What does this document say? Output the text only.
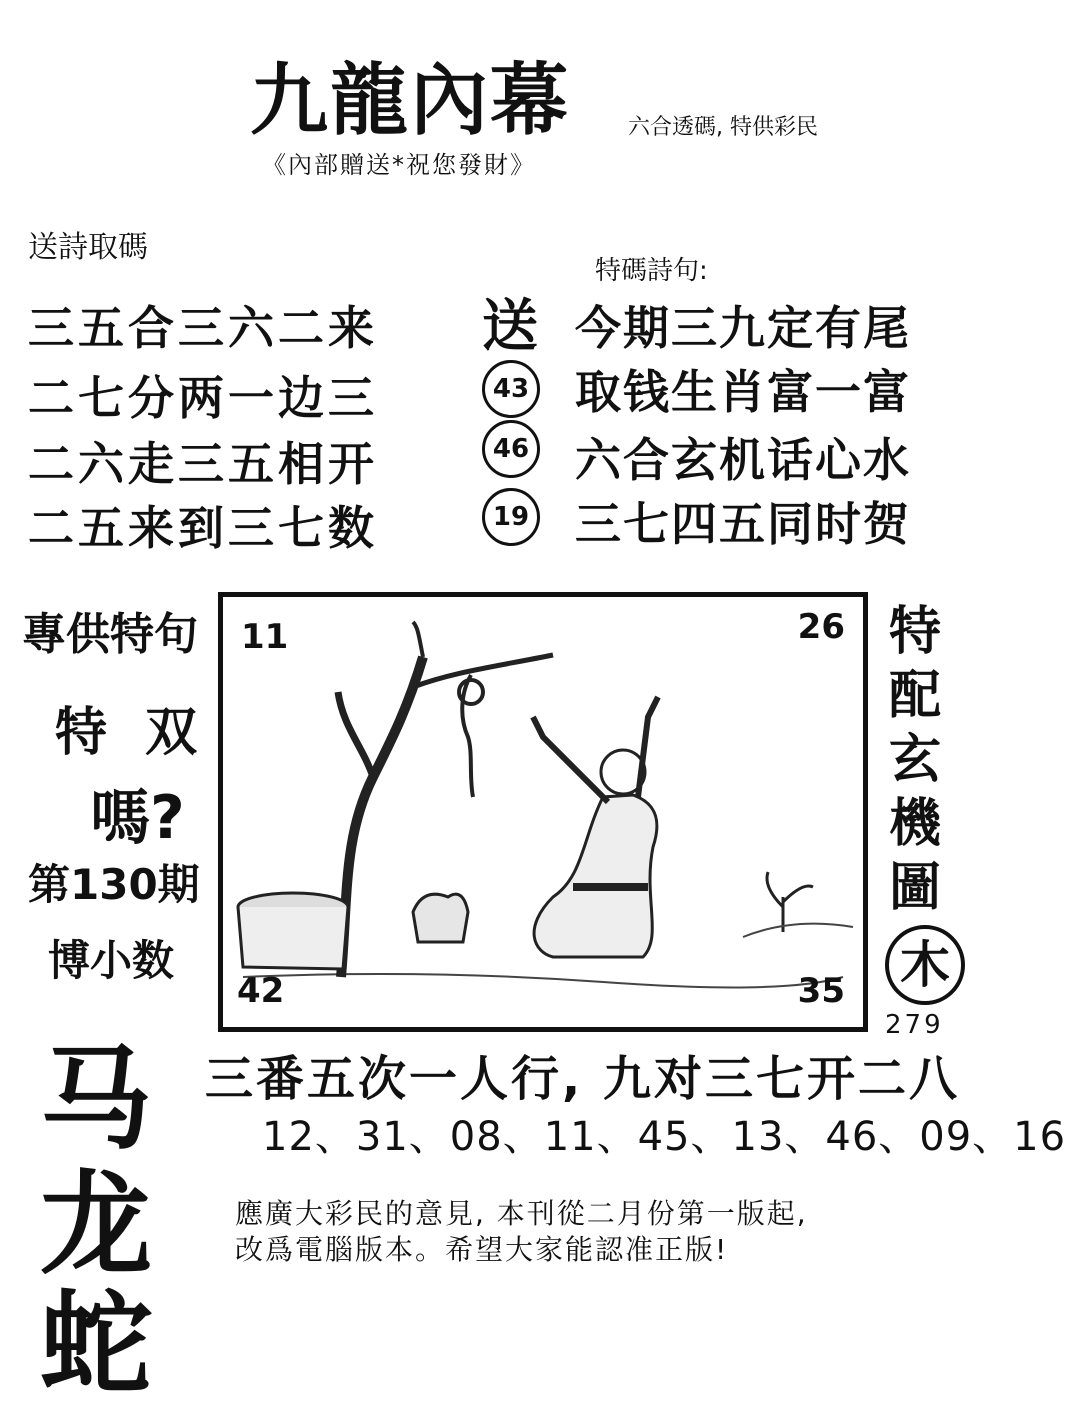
九龍內幕	六合透碼, 特供彩民
《內部贈送*祝您發財》
送詩取碼
三五合三六二来
二七分两一边三
二六走三五相开
二五来到三七数
特碼詩句:
送
43
46
19
今期三九定有尾
取钱生肖富一富
六合玄机话心水
三七四五同时贺
專供特句
特 双
嗎?
第130期
博小数
马
龙
蛇
11	26
42	35
特
配
玄
機
圖
木
279
三番五次一人行, 九对三七开二八
12、31、08、11、45、13、46、09、16
應廣大彩民的意見, 本刊從二月份第一版起,
改爲電腦版本。希望大家能認准正版!
